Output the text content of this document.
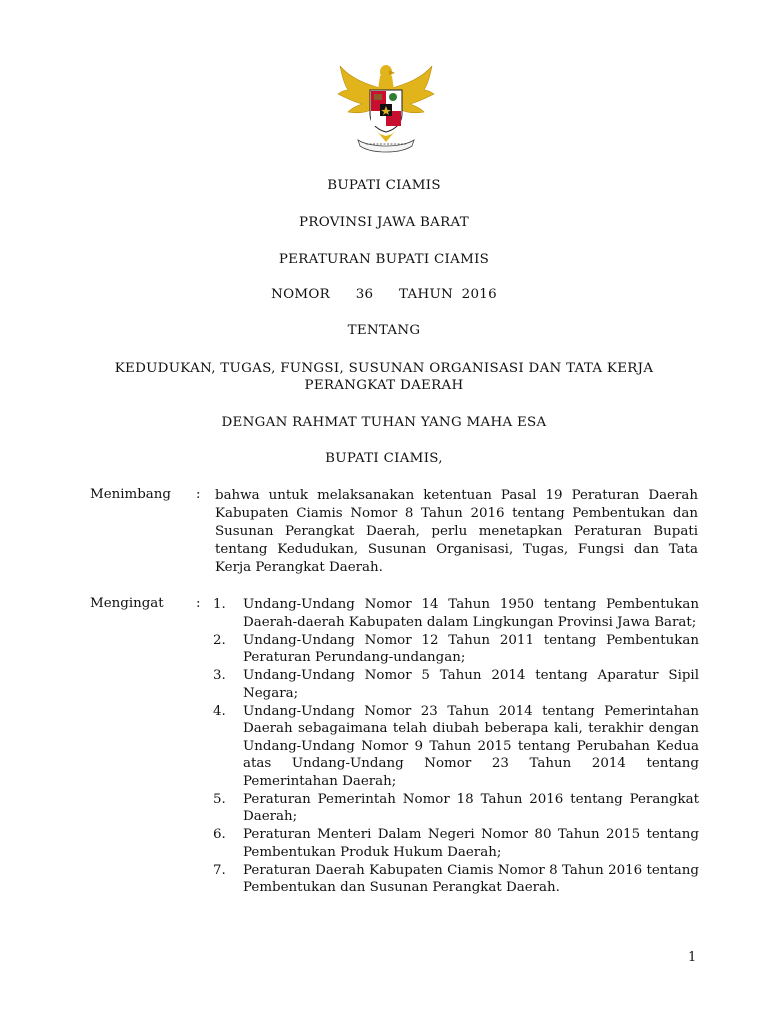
BUPATI CIAMIS
PROVINSI JAWA BARAT
PERATURAN BUPATI CIAMIS
NOMOR   36   TAHUN 2016
TENTANG
KEDUDUKAN, TUGAS, FUNGSI, SUSUNAN ORGANISASI DAN TATA KERJA
PERANGKAT DAERAH
DENGAN RAHMAT TUHAN YANG MAHA ESA
BUPATI CIAMIS,
Menimbang : bahwa untuk melaksanakan ketentuan Pasal 19 Peraturan Daerah Kabupaten Ciamis Nomor 8 Tahun 2016 tentang Pembentukan dan Susunan Perangkat Daerah, perlu menetapkan Peraturan Bupati tentang Kedudukan, Susunan Organisasi, Tugas, Fungsi dan Tata Kerja Perangkat Daerah.
Mengingat : 1. Undang-Undang Nomor 14 Tahun 1950 tentang Pembentukan Daerah-daerah Kabupaten dalam Lingkungan Provinsi Jawa Barat;
2. Undang-Undang Nomor 12 Tahun 2011 tentang Pembentukan Peraturan Perundang-undangan;
3. Undang-Undang Nomor 5 Tahun 2014 tentang Aparatur Sipil Negara;
4. Undang-Undang Nomor 23 Tahun 2014 tentang Pemerintahan Daerah sebagaimana telah diubah beberapa kali, terakhir dengan Undang-Undang Nomor 9 Tahun 2015 tentang Perubahan Kedua atas Undang-Undang Nomor 23 Tahun 2014 tentang Pemerintahan Daerah;
5. Peraturan Pemerintah Nomor 18 Tahun 2016 tentang Perangkat Daerah;
6. Peraturan Menteri Dalam Negeri Nomor 80 Tahun 2015 tentang Pembentukan Produk Hukum Daerah;
7. Peraturan Daerah Kabupaten Ciamis Nomor 8 Tahun 2016 tentang Pembentukan dan Susunan Perangkat Daerah.
1
